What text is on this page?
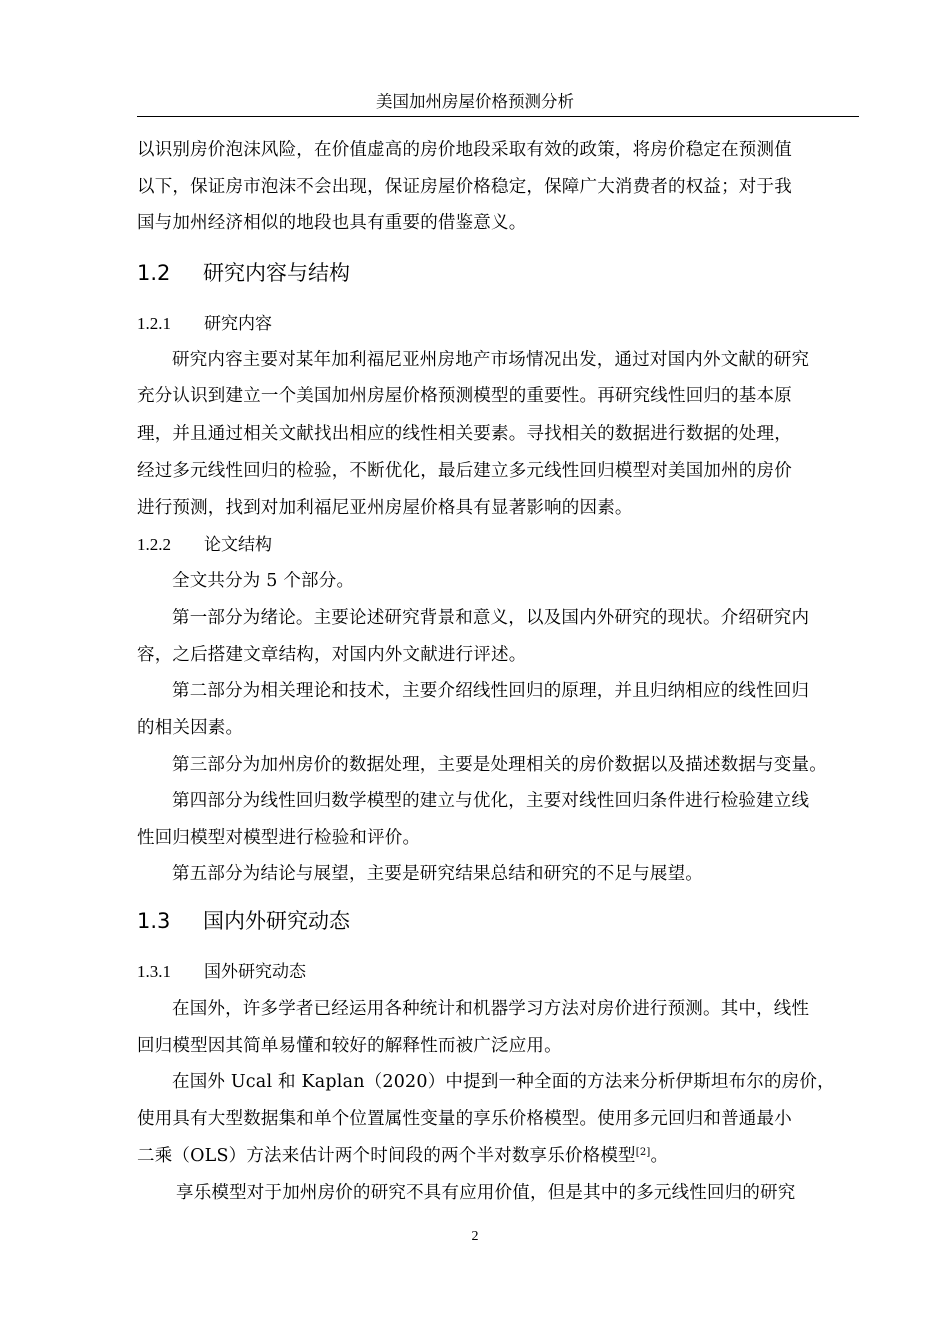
美国加州房屋价格预测分析
以识别房价泡沫风险，在价值虚高的房价地段采取有效的政策，将房价稳定在预测值
以下，保证房市泡沫不会出现，保证房屋价格稳定，保障广大消费者的权益；对于我
国与加州经济相似的地段也具有重要的借鉴意义。
1.2 研究内容与结构
1.2.1 研究内容
研究内容主要对某年加利福尼亚州房地产市场情况出发，通过对国内外文献的研究
充分认识到建立一个美国加州房屋价格预测模型的重要性。再研究线性回归的基本原
理，并且通过相关文献找出相应的线性相关要素。寻找相关的数据进行数据的处理，
经过多元线性回归的检验，不断优化，最后建立多元线性回归模型对美国加州的房价
进行预测，找到对加利福尼亚州房屋价格具有显著影响的因素。
1.2.2 论文结构
全文共分为 5 个部分。
第一部分为绪论。主要论述研究背景和意义，以及国内外研究的现状。介绍研究内
容，之后搭建文章结构，对国内外文献进行评述。
第二部分为相关理论和技术，主要介绍线性回归的原理，并且归纳相应的线性回归
的相关因素。
第三部分为加州房价的数据处理，主要是处理相关的房价数据以及描述数据与变量。
第四部分为线性回归数学模型的建立与优化，主要对线性回归条件进行检验建立线
性回归模型对模型进行检验和评价。
第五部分为结论与展望，主要是研究结果总结和研究的不足与展望。
1.3 国内外研究动态
1.3.1 国外研究动态
在国外，许多学者已经运用各种统计和机器学习方法对房价进行预测。其中，线性
回归模型因其简单易懂和较好的解释性而被广泛应用。
在国外 Ucal 和 Kaplan（2020）中提到一种全面的方法来分析伊斯坦布尔的房价，
使用具有大型数据集和单个位置属性变量的享乐价格模型。使用多元回归和普通最小
二乘（OLS）方法来估计两个时间段的两个半对数享乐价格模型[2]。
享乐模型对于加州房价的研究不具有应用价值，但是其中的多元线性回归的研究
2
